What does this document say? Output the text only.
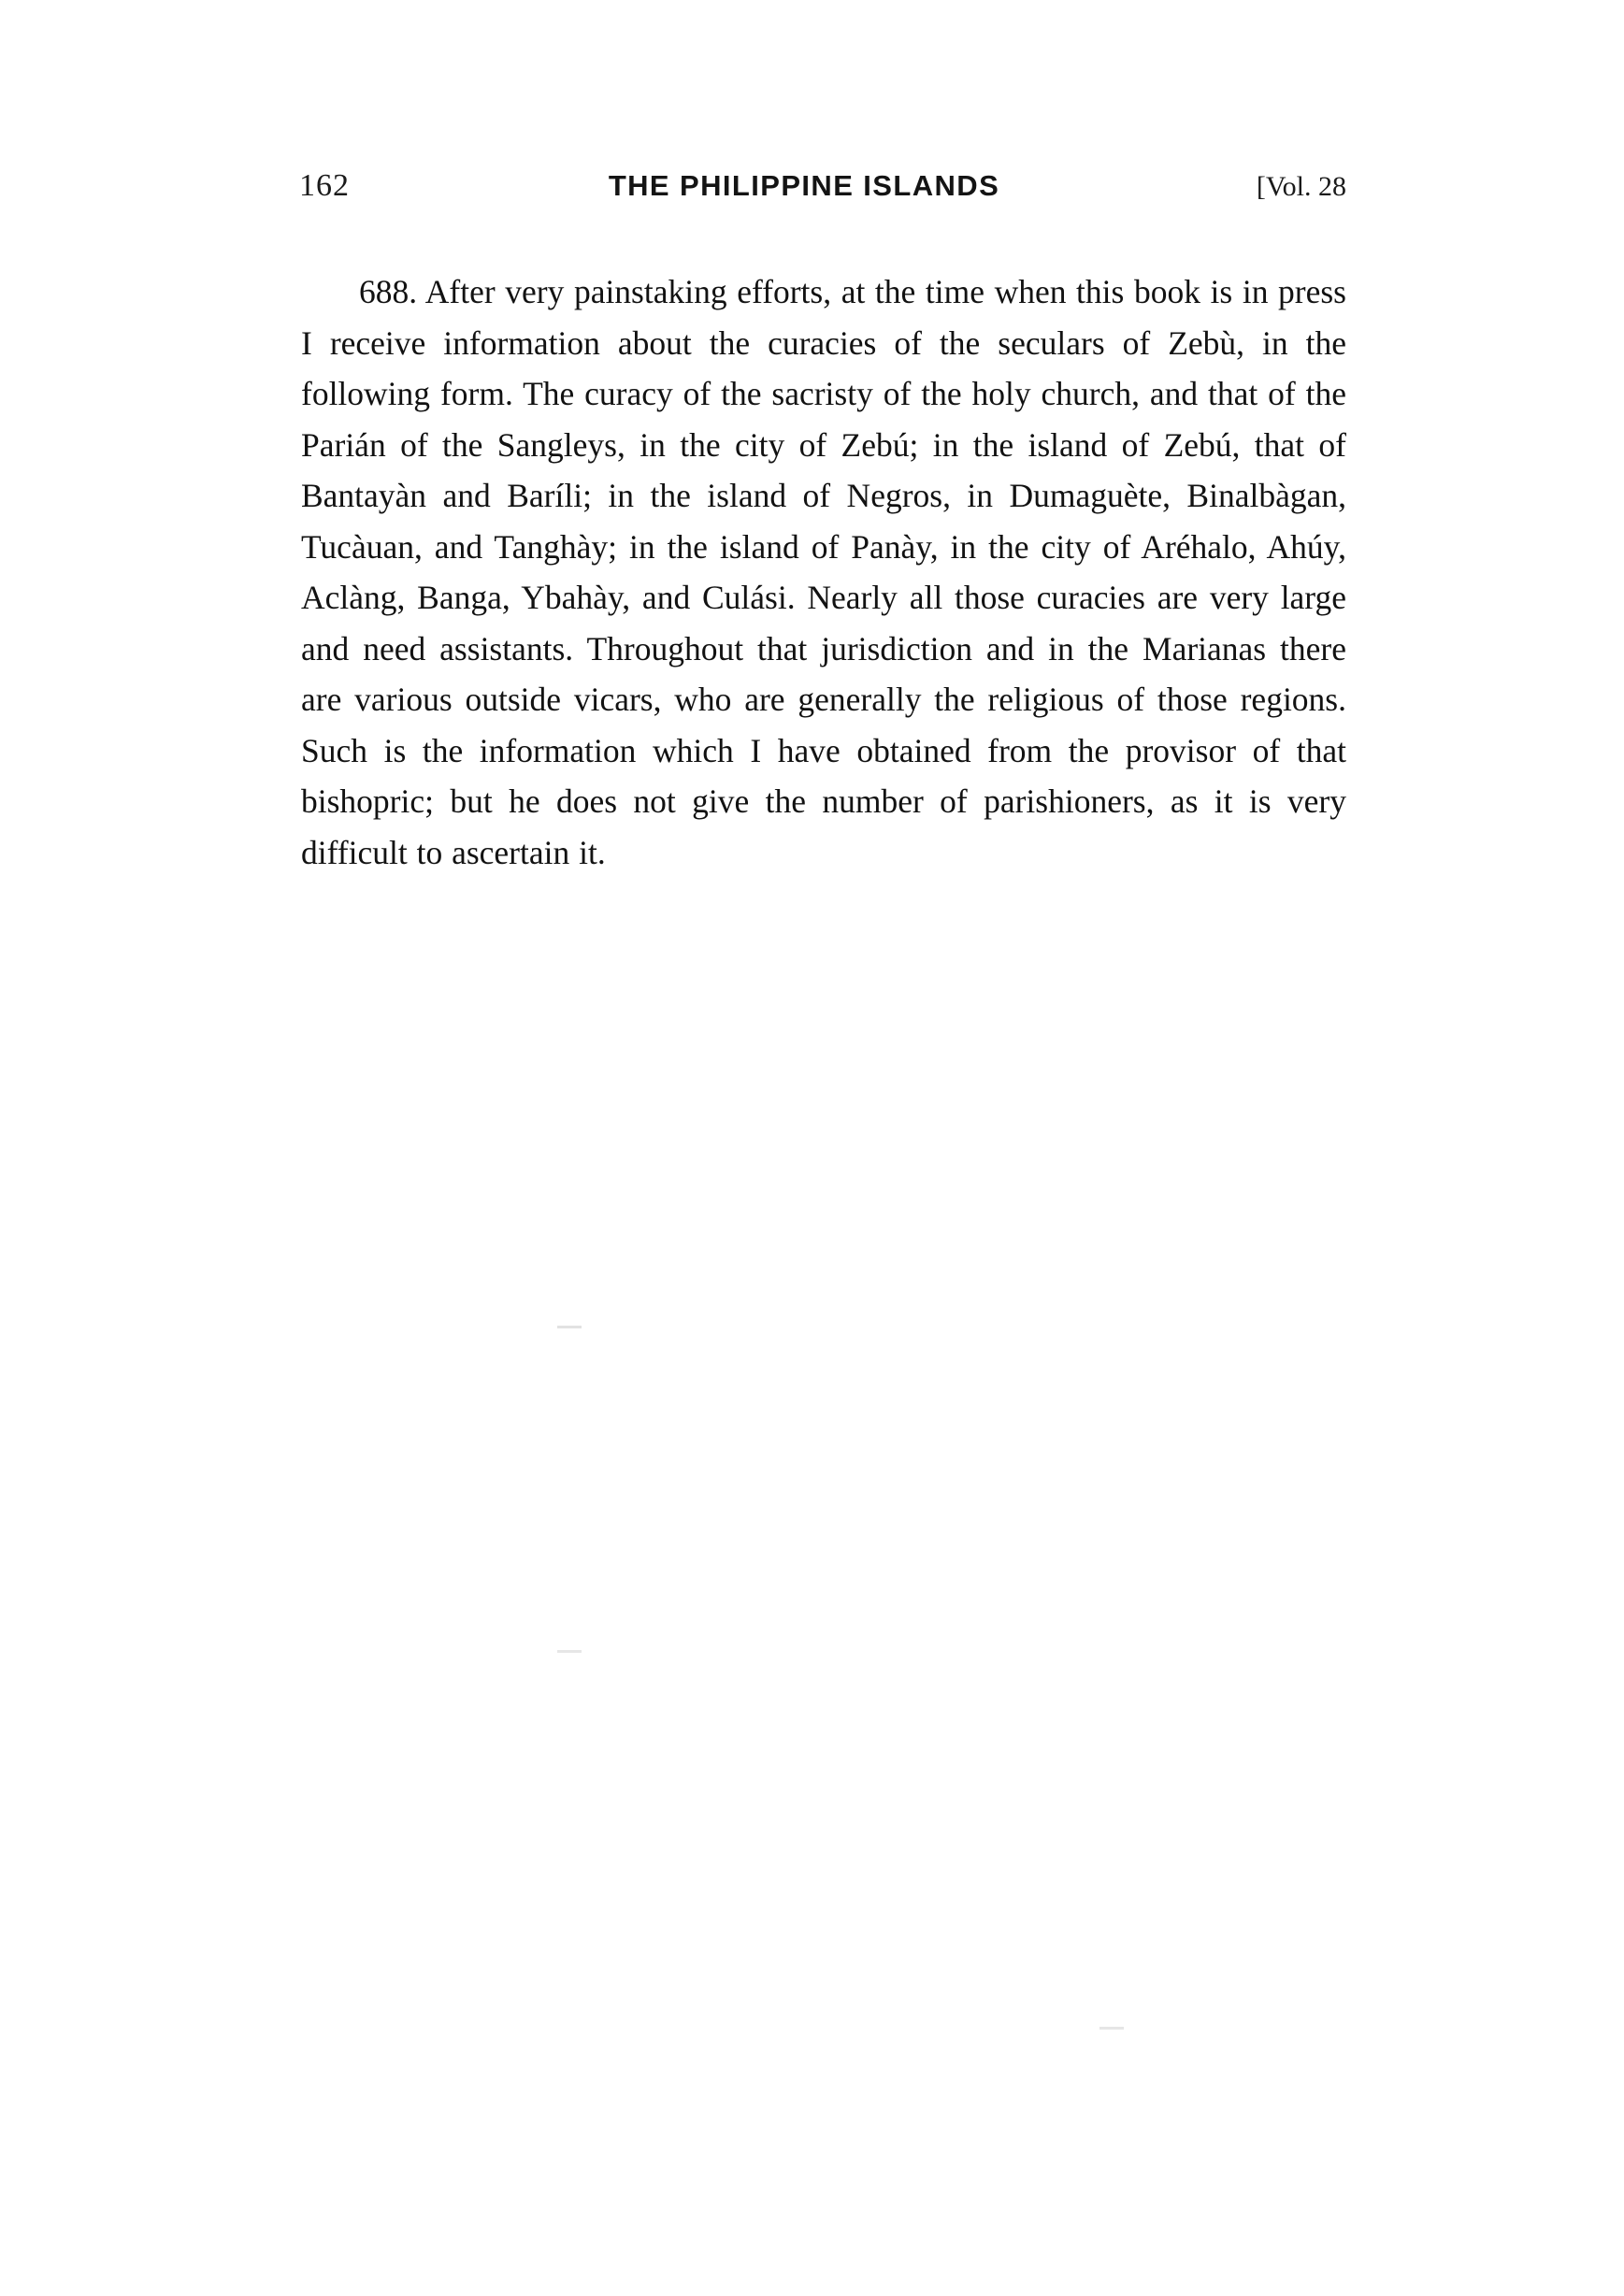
162	THE PHILIPPINE ISLANDS	[Vol. 28

688. After very painstaking efforts, at the time when this book is in press I receive information about the curacies of the seculars of Zebù, in the following form. The curacy of the sacristy of the holy church, and that of the Parián of the Sangleys, in the city of Zebú; in the island of Zebú, that of Bantayàn and Baríli; in the island of Negros, in Dumaguète, Binalbàgan, Tucàuan, and Tanghày; in the island of Panày, in the city of Aréhalo, Ahúy, Aclàng, Banga, Ybahày, and Culási. Nearly all those curacies are very large and need assistants. Throughout that jurisdiction and in the Marianas there are various outside vicars, who are generally the religious of those regions. Such is the information which I have obtained from the provisor of that bishopric; but he does not give the number of parishioners, as it is very difficult to ascertain it.
